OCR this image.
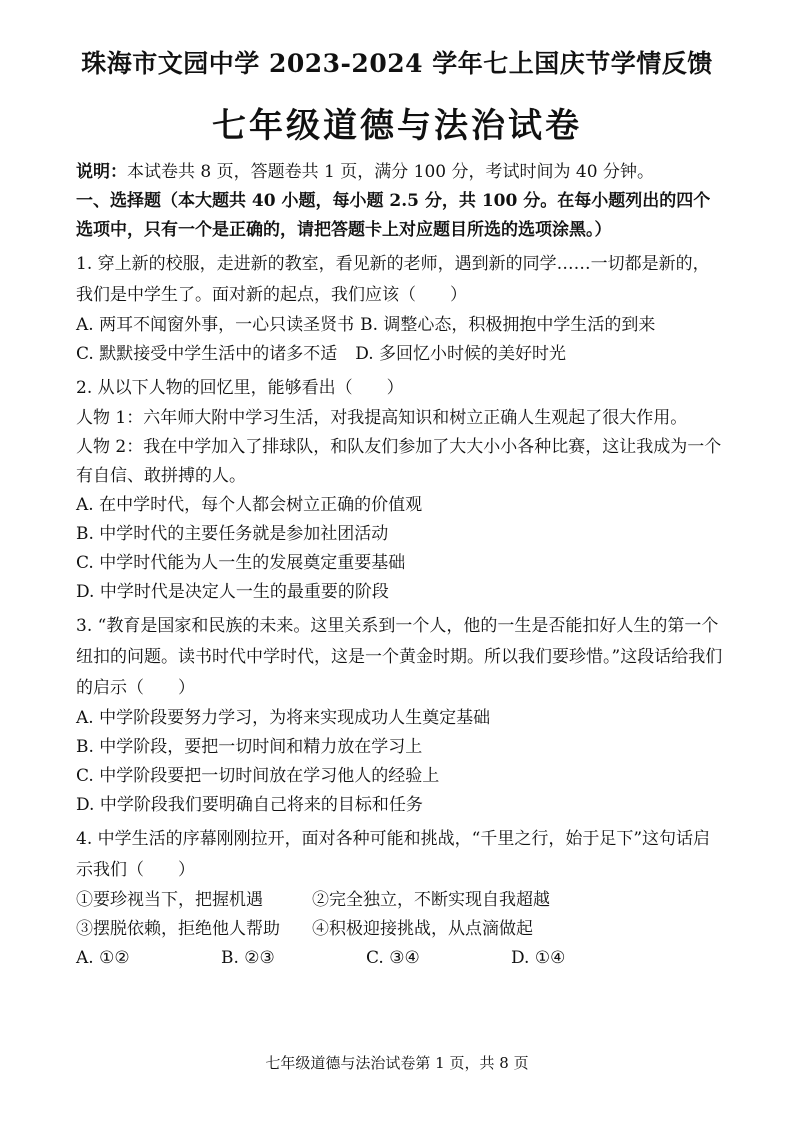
珠海市文园中学 2023-2024 学年七上国庆节学情反馈
七年级道德与法治试卷
说明：本试卷共 8 页，答题卷共 1 页，满分 100 分，考试时间为 40 分钟。
一、选择题（本大题共 40 小题，每小题 2.5 分，共 100 分。在每小题列出的四个选项中，只有一个是正确的，请把答题卡上对应题目所选的选项涂黑。）
1. 穿上新的校服，走进新的教室，看见新的老师，遇到新的同学……一切都是新的，我们是中学生了。面对新的起点，我们应该（　　）
A. 两耳不闻窗外事，一心只读圣贤书 B. 调整心态，积极拥抱中学生活的到来
C. 默默接受中学生活中的诸多不适 D. 多回忆小时候的美好时光
2. 从以下人物的回忆里，能够看出（　　）
人物 1：六年师大附中学习生活，对我提高知识和树立正确人生观起了很大作用。
人物 2：我在中学加入了排球队，和队友们参加了大大小小各种比赛，这让我成为一个有自信、敢拼搏的人。
A. 在中学时代，每个人都会树立正确的价值观
B. 中学时代的主要任务就是参加社团活动
C. 中学时代能为人一生的发展奠定重要基础
D. 中学时代是决定人一生的最重要的阶段
3. “教育是国家和民族的未来。这里关系到一个人，他的一生是否能扣好人生的第一个纽扣的问题。读书时代中学时代，这是一个黄金时期。所以我们要珍惜。”这段话给我们的启示（　　）
A. 中学阶段要努力学习，为将来实现成功人生奠定基础
B. 中学阶段，要把一切时间和精力放在学习上
C. 中学阶段要把一切时间放在学习他人的经验上
D. 中学阶段我们要明确自己将来的目标和任务
4. 中学生活的序幕刚刚拉开，面对各种可能和挑战，“千里之行，始于足下”这句话启示我们（　　）
①要珍视当下，把握机遇	②完全独立，不断实现自我超越
③摆脱依赖，拒绝他人帮助	④积极迎接挑战，从点滴做起
A. ①②	B. ②③	C. ③④	D. ①④
七年级道德与法治试卷第 1 页，共 8 页
